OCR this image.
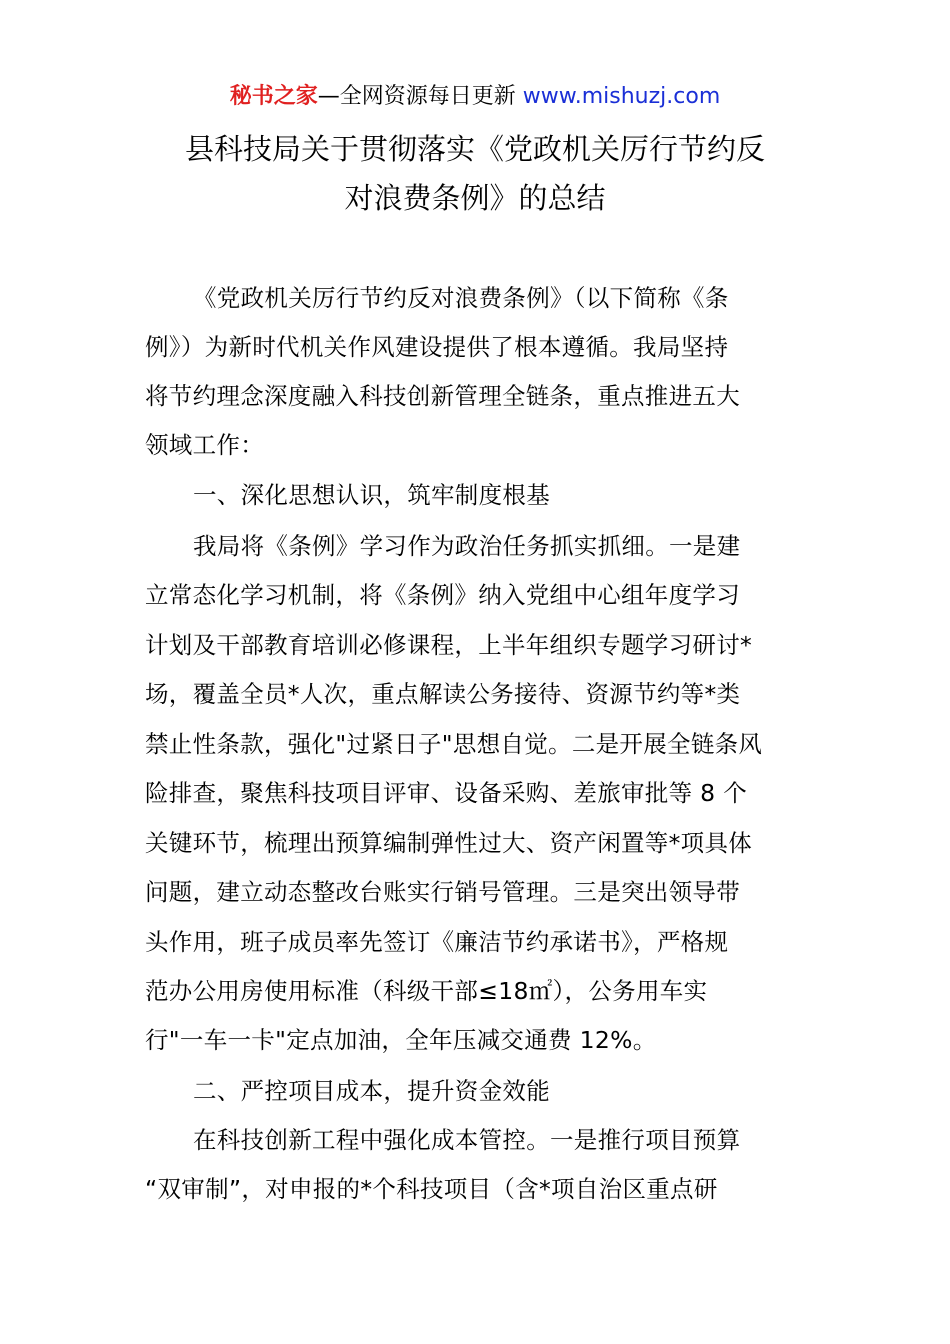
秘书之家—全网资源每日更新 www.mishuzj.com
县科技局关于贯彻落实《党政机关厉行节约反
对浪费条例》的总结
《党政机关厉行节约反对浪费条例》（以下简称《条
例》）为新时代机关作风建设提供了根本遵循。我局坚持
将节约理念深度融入科技创新管理全链条，重点推进五大
领域工作：
一、深化思想认识，筑牢制度根基
我局将《条例》学习作为政治任务抓实抓细。一是建
立常态化学习机制，将《条例》纳入党组中心组年度学习
计划及干部教育培训必修课程，上半年组织专题学习研讨*
场，覆盖全员*人次，重点解读公务接待、资源节约等*类
禁止性条款，强化"过紧日子"思想自觉。二是开展全链条风
险排查，聚焦科技项目评审、设备采购、差旅审批等 8 个
关键环节，梳理出预算编制弹性过大、资产闲置等*项具体
问题，建立动态整改台账实行销号管理。三是突出领导带
头作用，班子成员率先签订《廉洁节约承诺书》，严格规
范办公用房使用标准（科级干部≤18㎡），公务用车实
行"一车一卡"定点加油，全年压减交通费 12%。
二、严控项目成本，提升资金效能
在科技创新工程中强化成本管控。一是推行项目预算
“双审制”，对申报的*个科技项目（含*项自治区重点研
